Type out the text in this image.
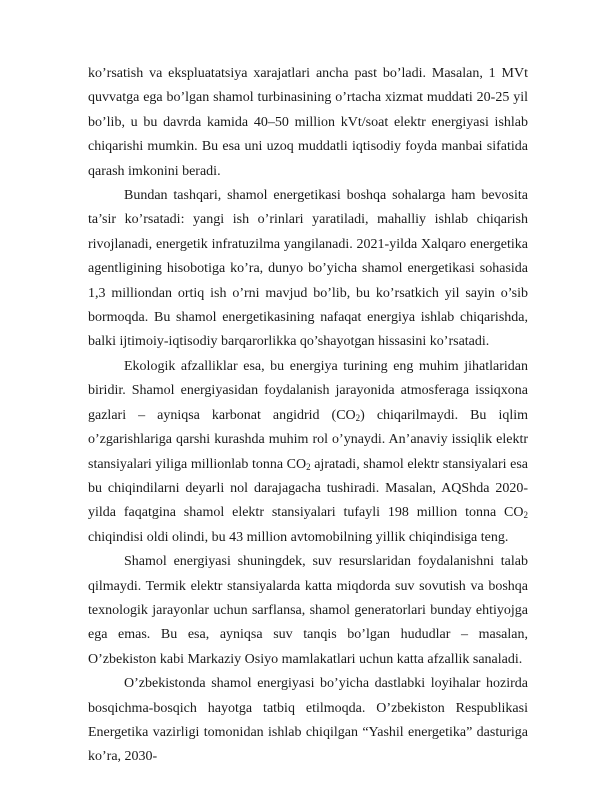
ko’rsatish va ekspluatatsiya xarajatlari ancha past bo’ladi. Masalan, 1 MVt quvvatga ega bo’lgan shamol turbinasining o’rtacha xizmat muddati 20-25 yil bo’lib, u bu davrda kamida 40–50 million kVt/soat elektr energiyasi ishlab chiqarishi mumkin. Bu esa uni uzoq muddatli iqtisodiy foyda manbai sifatida qarash imkonini beradi.

Bundan tashqari, shamol energetikasi boshqa sohalarga ham bevosita ta’sir ko’rsatadi: yangi ish o’rinlari yaratiladi, mahalliy ishlab chiqarish rivojlanadi, energetik infratuzilma yangilanadi. 2021-yilda Xalqaro energetika agentligining hisobotiga ko’ra, dunyo bo’yicha shamol energetikasi sohasida 1,3 milliondan ortiq ish o’rni mavjud bo’lib, bu ko’rsatkich yil sayin o’sib bormoqda. Bu shamol energetikasining nafaqat energiya ishlab chiqarishda, balki ijtimoiy-iqtisodiy barqarorlikka qo’shayotgan hissasini ko’rsatadi.

Ekologik afzalliklar esa, bu energiya turining eng muhim jihatlaridan biridir. Shamol energiyasidan foydalanish jarayonida atmosferaga issiqxona gazlari – ayniqsa karbonat angidrid $(CO_2)$ chiqarilmaydi. Bu iqlim o’zgarishlariga qarshi kurashda muhim rol o’ynaydi. An’anaviy issiqlik elektr stansiyalari yiliga millionlab tonna $CO_2$ ajratadi, shamol elektr stansiyalari esa bu chiqindilarni deyarli nol darajagacha tushiradi. Masalan, AQShda 2020-yilda faqatgina shamol elektr stansiyalari tufayli 198 million tonna $CO_2$ chiqindisi oldi olindi, bu 43 million avtomobilning yillik chiqindisiga teng.

Shamol energiyasi shuningdek, suv resurslaridan foydalanishni talab qilmaydi. Termik elektr stansiyalarda katta miqdorda suv sovutish va boshqa texnologik jarayonlar uchun sarflansa, shamol generatorlari bunday ehtiyojga ega emas. Bu esa, ayniqsa suv tanqis bo’lgan hududlar – masalan, O’zbekiston kabi Markaziy Osiyo mamlakatlari uchun katta afzallik sanaladi.

O’zbekistonda shamol energiyasi bo’yicha dastlabki loyihalar hozirda bosqichma-bosqich hayotga tatbiq etilmoqda. O’zbekiston Respublikasi Energetika vazirligi tomonidan ishlab chiqilgan “Yashil energetika” dasturiga ko’ra, 2030-
